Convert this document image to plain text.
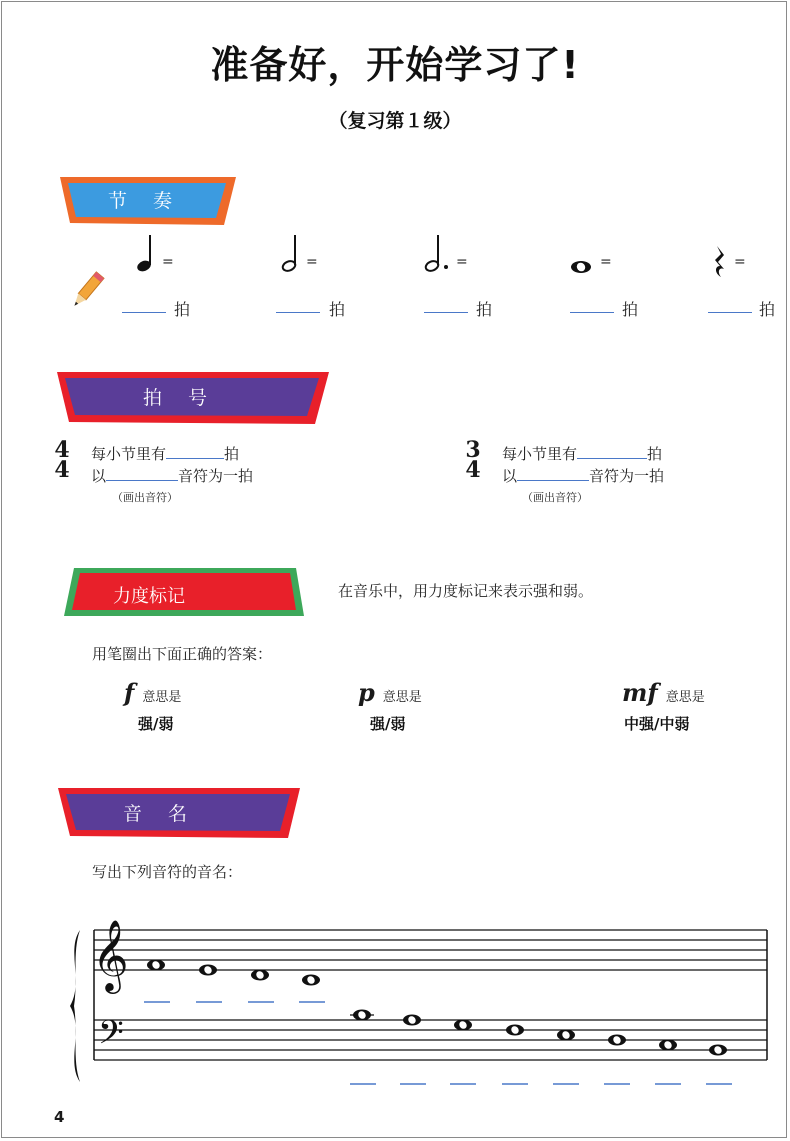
准备好，开始学习了!
（复习第１级）
节 奏
=	=	=	=	=
拍	拍	拍	拍	拍
拍 号
4
4
每小节里有	拍
以	音符为一拍
（画出音符）
3
4
每小节里有	拍
以	音符为一拍
（画出音符）
力度标记	在音乐中，用力度标记来表示强和弱。
用笔圈出下面正确的答案：
f意思是
强/弱
p意思是
强/弱
mf 意思是
中强/中弱
音 名
写出下列音符的音名：
𝄞
𝄢
4
